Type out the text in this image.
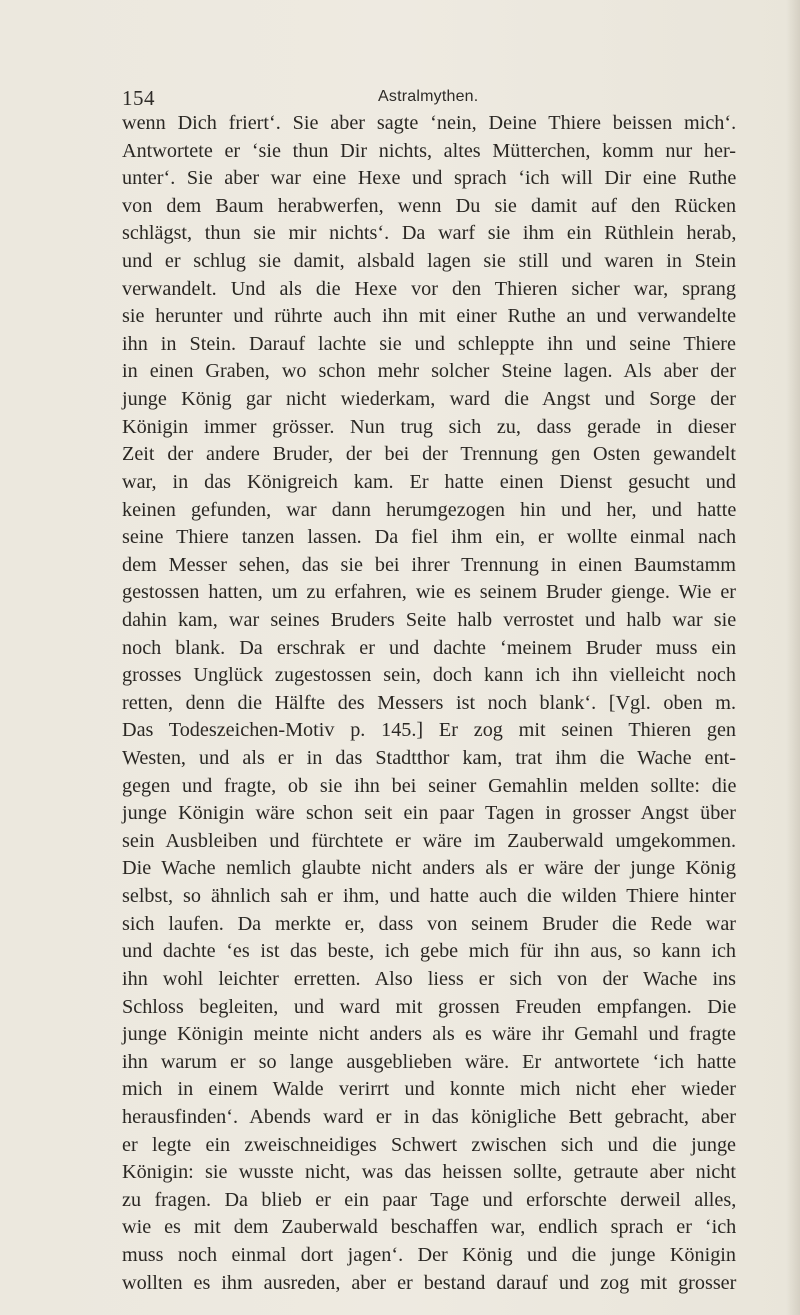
154	Astralmythen.
wenn Dich friert‘. Sie aber sagte ‘nein, Deine Thiere beissen mich‘.
Antwortete er ‘sie thun Dir nichts, altes Mütterchen, komm nur her-
unter‘. Sie aber war eine Hexe und sprach ‘ich will Dir eine Ruthe
von dem Baum herabwerfen, wenn Du sie damit auf den Rücken
schlägst, thun sie mir nichts‘. Da warf sie ihm ein Rüthlein herab,
und er schlug sie damit, alsbald lagen sie still und waren in Stein
verwandelt. Und als die Hexe vor den Thieren sicher war, sprang
sie herunter und rührte auch ihn mit einer Ruthe an und verwandelte
ihn in Stein. Darauf lachte sie und schleppte ihn und seine Thiere
in einen Graben, wo schon mehr solcher Steine lagen. Als aber der
junge König gar nicht wiederkam, ward die Angst und Sorge der
Königin immer grösser. Nun trug sich zu, dass gerade in dieser
Zeit der andere Bruder, der bei der Trennung gen Osten gewandelt
war, in das Königreich kam. Er hatte einen Dienst gesucht und
keinen gefunden, war dann herumgezogen hin und her, und hatte
seine Thiere tanzen lassen. Da fiel ihm ein, er wollte einmal nach
dem Messer sehen, das sie bei ihrer Trennung in einen Baumstamm
gestossen hatten, um zu erfahren, wie es seinem Bruder gienge. Wie er
dahin kam, war seines Bruders Seite halb verrostet und halb war sie
noch blank. Da erschrak er und dachte ‘meinem Bruder muss ein
grosses Unglück zugestossen sein, doch kann ich ihn vielleicht noch
retten, denn die Hälfte des Messers ist noch blank‘. [Vgl. oben m.
Das Todeszeichen-Motiv p. 145.] Er zog mit seinen Thieren gen
Westen, und als er in das Stadtthor kam, trat ihm die Wache ent-
gegen und fragte, ob sie ihn bei seiner Gemahlin melden sollte: die
junge Königin wäre schon seit ein paar Tagen in grosser Angst über
sein Ausbleiben und fürchtete er wäre im Zauberwald umgekommen.
Die Wache nemlich glaubte nicht anders als er wäre der junge König
selbst, so ähnlich sah er ihm, und hatte auch die wilden Thiere hinter
sich laufen. Da merkte er, dass von seinem Bruder die Rede war
und dachte ‘es ist das beste, ich gebe mich für ihn aus, so kann ich
ihn wohl leichter erretten. Also liess er sich von der Wache ins
Schloss begleiten, und ward mit grossen Freuden empfangen. Die
junge Königin meinte nicht anders als es wäre ihr Gemahl und fragte
ihn warum er so lange ausgeblieben wäre. Er antwortete ‘ich hatte
mich in einem Walde verirrt und konnte mich nicht eher wieder
herausfinden‘. Abends ward er in das königliche Bett gebracht, aber
er legte ein zweischneidiges Schwert zwischen sich und die junge
Königin: sie wusste nicht, was das heissen sollte, getraute aber nicht
zu fragen. Da blieb er ein paar Tage und erforschte derweil alles,
wie es mit dem Zauberwald beschaffen war, endlich sprach er ‘ich
muss noch einmal dort jagen‘. Der König und die junge Königin
wollten es ihm ausreden, aber er bestand darauf und zog mit grosser
